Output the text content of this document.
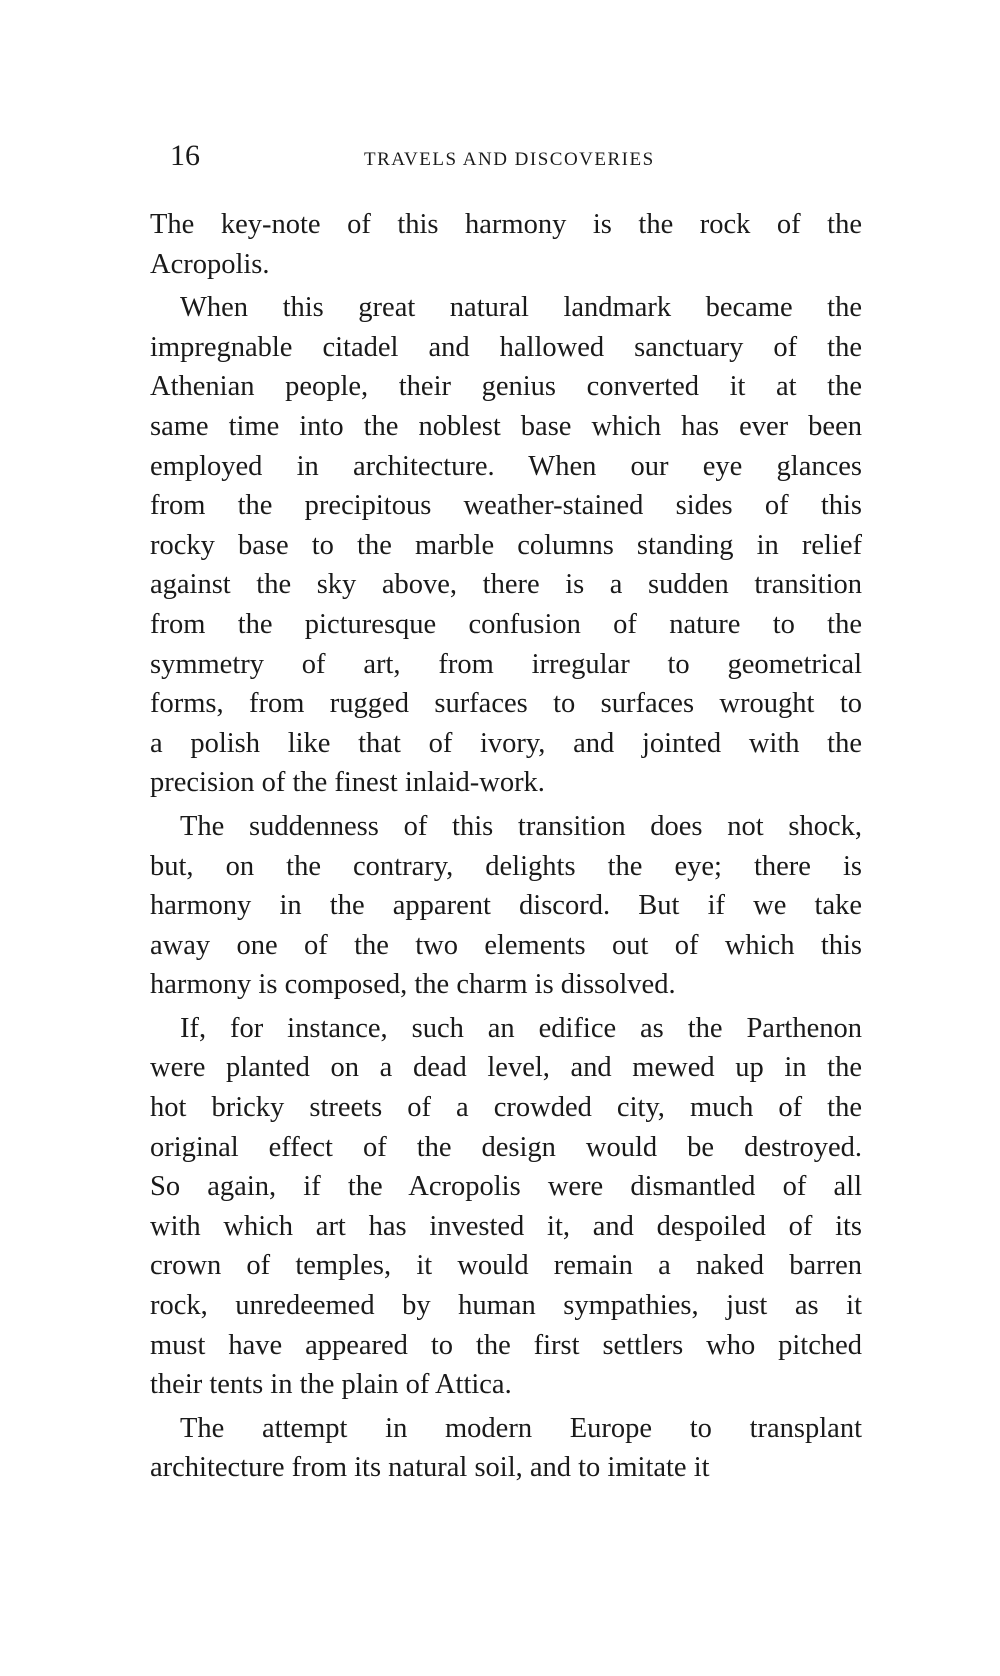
16	TRAVELS AND DISCOVERIES
The key-note of this harmony is the rock of the
Acropolis.
When this great natural landmark became the
impregnable citadel and hallowed sanctuary of the
Athenian people, their genius converted it at the
same time into the noblest base which has ever been
employed in architecture. When our eye glances
from the precipitous weather-stained sides of this
rocky base to the marble columns standing in relief
against the sky above, there is a sudden transition
from the picturesque confusion of nature to the
symmetry of art, from irregular to geometrical
forms, from rugged surfaces to surfaces wrought to
a polish like that of ivory, and jointed with the
precision of the finest inlaid-work.
The suddenness of this transition does not shock,
but, on the contrary, delights the eye; there is
harmony in the apparent discord. But if we take
away one of the two elements out of which this
harmony is composed, the charm is dissolved.
If, for instance, such an edifice as the Parthenon
were planted on a dead level, and mewed up in the
hot bricky streets of a crowded city, much of the
original effect of the design would be destroyed.
So again, if the Acropolis were dismantled of all
with which art has invested it, and despoiled of its
crown of temples, it would remain a naked barren
rock, unredeemed by human sympathies, just as it
must have appeared to the first settlers who pitched
their tents in the plain of Attica.
The attempt in modern Europe to transplant
architecture from its natural soil, and to imitate it
